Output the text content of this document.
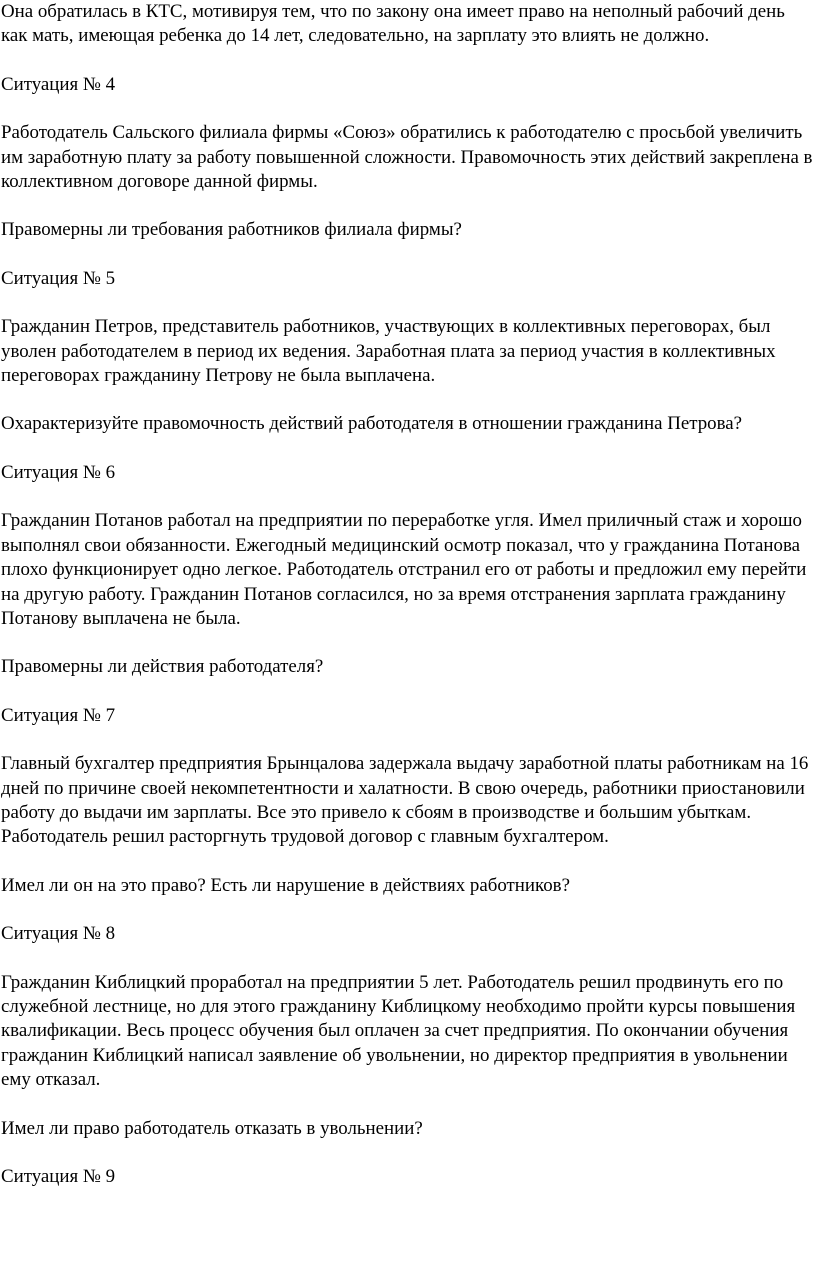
Она обратилась в КТС, мотивируя тем, что по закону она имеет право на неполный рабочий день как мать, имеющая ребенка до 14 лет, следовательно, на зарплату это влиять не должно.

Ситуация № 4

Работодатель Сальского филиала фирмы «Союз» обратились к работодателю с просьбой увеличить им заработную плату за работу повышенной сложности. Правомочность этих действий закреплена в коллективном договоре данной фирмы.

Правомерны ли требования работников филиала фирмы?

Ситуация № 5

Гражданин Петров, представитель работников, участвующих в коллективных переговорах, был уволен работодателем в период их ведения. Заработная плата за период участия в коллективных переговорах гражданину Петрову не была выплачена.

Охарактеризуйте правомочность действий работодателя в отношении гражданина Петрова?

Ситуация № 6

Гражданин Потанов работал на предприятии по переработке угля. Имел приличный стаж и хорошо выполнял свои обязанности. Ежегодный медицинский осмотр показал, что у гражданина Потанова плохо функционирует одно легкое. Работодатель отстранил его от работы и предложил ему перейти на другую работу. Гражданин Потанов согласился, но за время отстранения зарплата гражданину Потанову выплачена не была.

Правомерны ли действия работодателя?

Ситуация № 7

Главный бухгалтер предприятия Брынцалова задержала выдачу заработной платы работникам на 16 дней по причине своей некомпетентности и халатности. В свою очередь, работники приостановили работу до выдачи им зарплаты. Все это привело к сбоям в производстве и большим убыткам. Работодатель решил расторгнуть трудовой договор с главным бухгалтером.

Имел ли он на это право? Есть ли нарушение в действиях работников?

Ситуация № 8

Гражданин Киблицкий проработал на предприятии 5 лет. Работодатель решил продвинуть его по служебной лестнице, но для этого гражданину Киблицкому необходимо пройти курсы повышения квалификации. Весь процесс обучения был оплачен за счет предприятия. По окончании обучения гражданин Киблицкий написал заявление об увольнении, но директор предприятия в увольнении ему отказал.

Имел ли право работодатель отказать в увольнении?

Ситуация № 9
